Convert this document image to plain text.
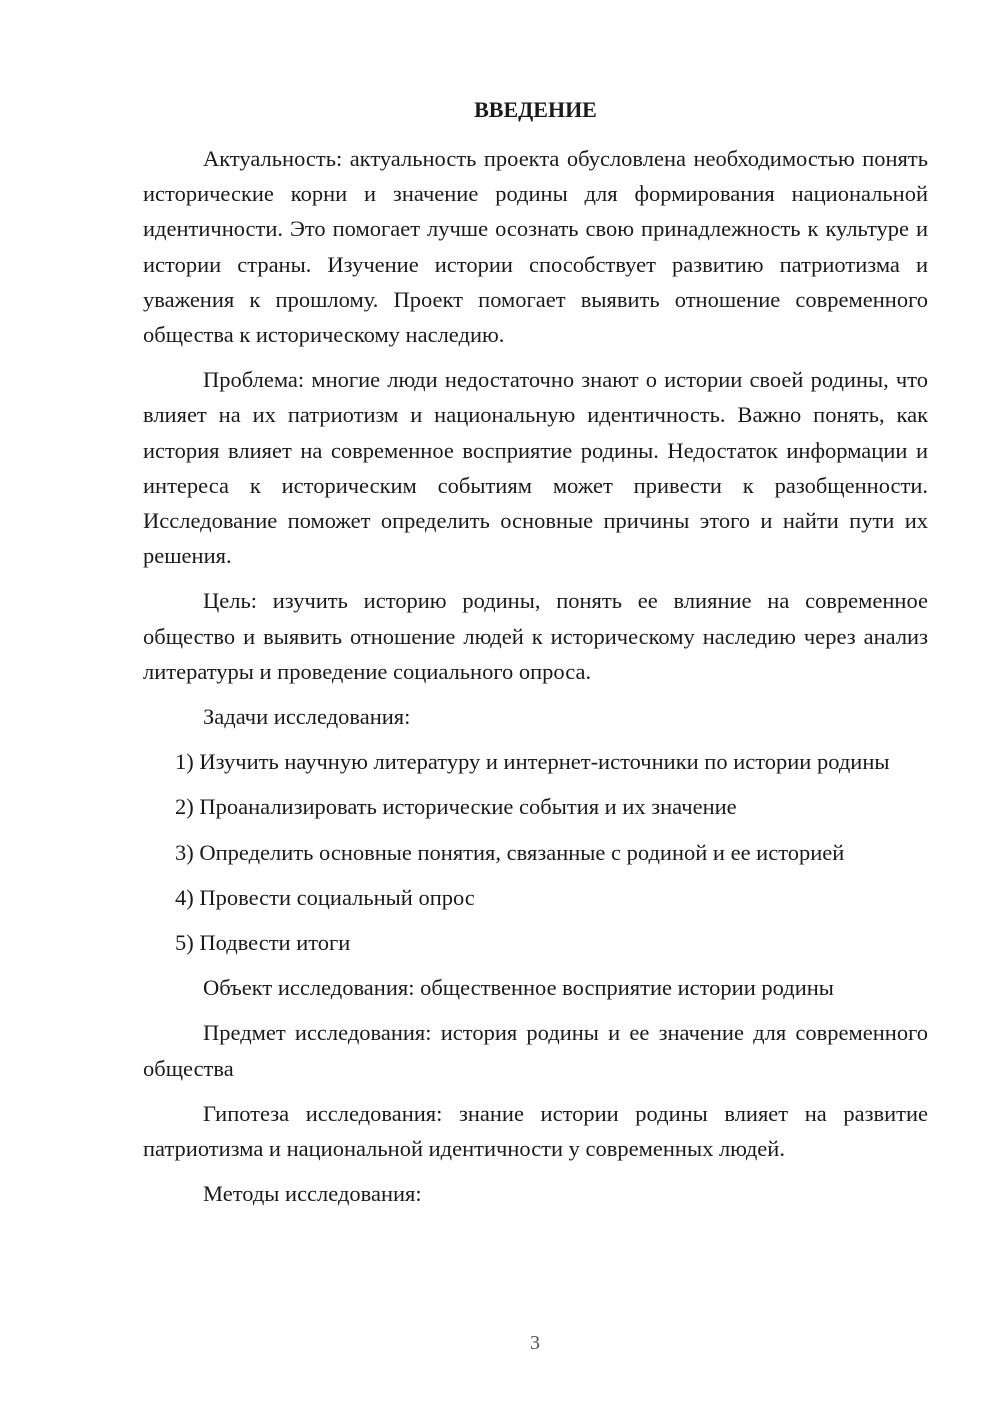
ВВЕДЕНИЕ

Актуальность: актуальность проекта обусловлена необходимостью понять исторические корни и значение родины для формирования национальной идентичности. Это помогает лучше осознать свою принадлежность к культуре и истории страны. Изучение истории способствует развитию патриотизма и уважения к прошлому. Проект помогает выявить отношение современного общества к историческому наследию.

Проблема: многие люди недостаточно знают о истории своей родины, что влияет на их патриотизм и национальную идентичность. Важно понять, как история влияет на современное восприятие родины. Недостаток информации и интереса к историческим событиям может привести к разобщенности. Исследование поможет определить основные причины этого и найти пути их решения.

Цель: изучить историю родины, понять ее влияние на современное общество и выявить отношение людей к историческому наследию через анализ литературы и проведение социального опроса.

Задачи исследования:

1) Изучить научную литературу и интернет-источники по истории родины

2) Проанализировать исторические события и их значение

3) Определить основные понятия, связанные с родиной и ее историей

4) Провести социальный опрос

5) Подвести итоги

Объект исследования: общественное восприятие истории родины

Предмет исследования: история родины и ее значение для современного общества

Гипотеза исследования: знание истории родины влияет на развитие патриотизма и национальной идентичности у современных людей.

Методы исследования:

3
